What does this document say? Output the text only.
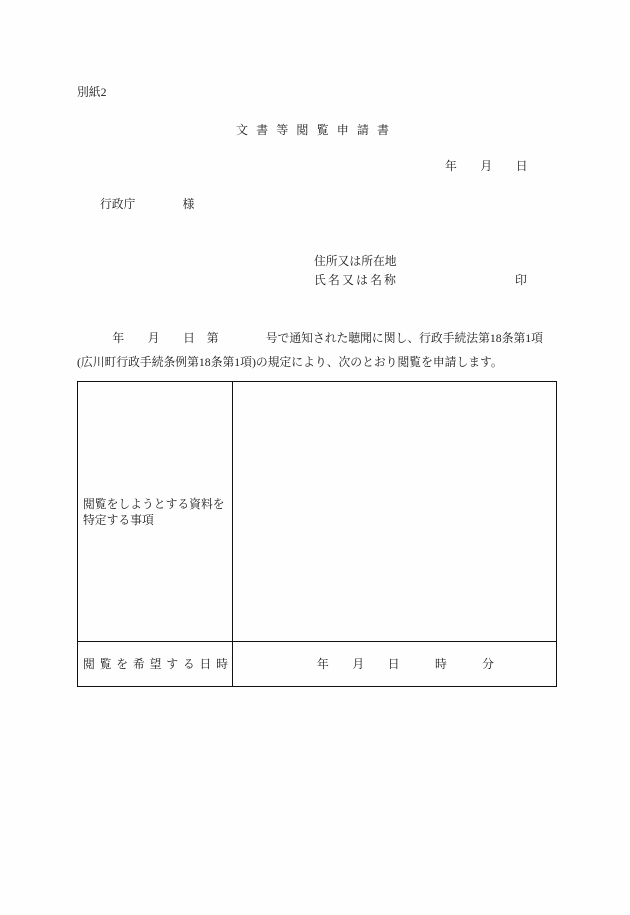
別紙2
文 書 等 閲 覧 申 請 書
年　　月　　日
行政庁　　　　様
住所又は所在地
氏 名 又 は 名 称	印
　　　年　　月　　日　第　　　　号で通知された聴聞に関し、行政手続法第18条第1項
(広川町行政手続条例第18条第1項)の規定により、次のとおり閲覧を申請します。
閲覧をしようとする資料を
特定する事項
閲 覧 を 希 望 す る 日 時	年　　月　　日　　　時　　　分
